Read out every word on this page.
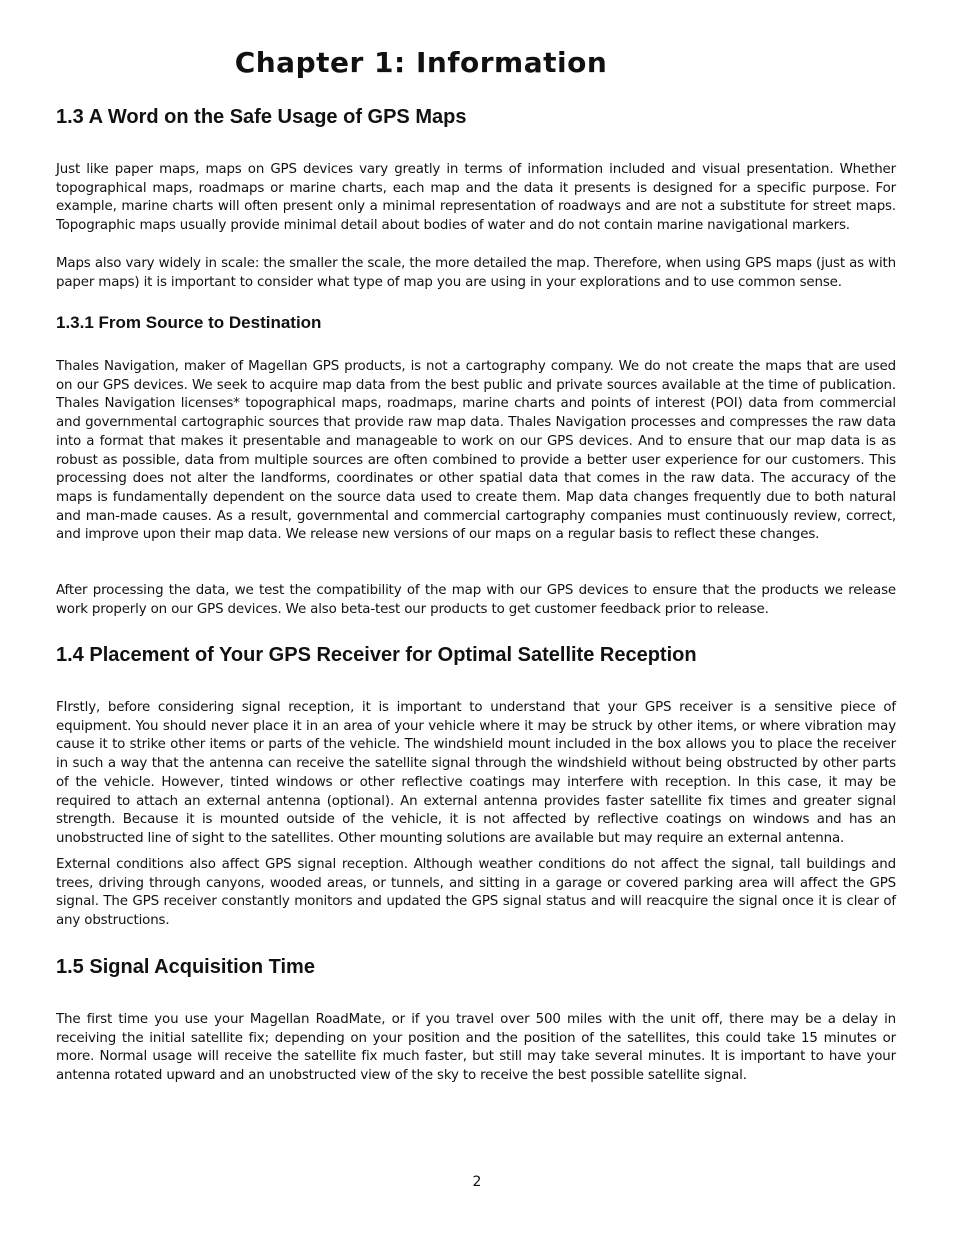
Chapter 1: Information
1.3 A Word on the Safe Usage of GPS Maps

Just like paper maps, maps on GPS devices vary greatly in terms of information included and visual presentation. Whether topographical maps, roadmaps or marine charts, each map and the data it presents is designed for a specific purpose. For example, marine charts will often present only a minimal representation of roadways and are not a substitute for street maps. Topographic maps usually provide minimal detail about bodies of water and do not contain marine navigational markers.

Maps also vary widely in scale: the smaller the scale, the more detailed the map. Therefore, when using GPS maps (just as with paper maps) it is important to consider what type of map you are using in your explorations and to use common sense.

1.3.1 From Source to Destination

Thales Navigation, maker of Magellan GPS products, is not a cartography company. We do not create the maps that are used on our GPS devices. We seek to acquire map data from the best public and private sources available at the time of publication. Thales Navigation licenses* topographical maps, roadmaps, marine charts and points of interest (POI) data from commercial and governmental cartographic sources that provide raw map data. Thales Navigation processes and compresses the raw data into a format that makes it presentable and manageable to work on our GPS devices. And to ensure that our map data is as robust as possible, data from multiple sources are often combined to provide a better user experience for our customers. This processing does not alter the landforms, coordinates or other spatial data that comes in the raw data. The accuracy of the maps is fundamentally dependent on the source data used to create them. Map data changes frequently due to both natural and man-made causes. As a result, governmental and commercial cartography companies must continuously review, correct, and improve upon their map data. We release new versions of our maps on a regular basis to reflect these changes.

After processing the data, we test the compatibility of the map with our GPS devices to ensure that the products we release work properly on our GPS devices. We also beta-test our products to get customer feedback prior to release.

1.4 Placement of Your GPS Receiver for Optimal Satellite Reception

FIrstly, before considering signal reception, it is important to understand that your GPS receiver is a sensitive piece of equipment. You should never place it in an area of your vehicle where it may be struck by other items, or where vibration may cause it to strike other items or parts of the vehicle. The windshield mount included in the box allows you to place the receiver in such a way that the antenna can receive the satellite signal through the windshield without being obstructed by other parts of the vehicle. However, tinted windows or other reflective coatings may interfere with reception. In this case, it may be required to attach an external antenna (optional). An external antenna provides faster satellite fix times and greater signal strength. Because it is mounted outside of the vehicle, it is not affected by reflective coatings on windows and has an unobstructed line of sight to the satellites. Other mounting solutions are available but may require an external antenna.

External conditions also affect GPS signal reception. Although weather conditions do not affect the signal, tall buildings and trees, driving through canyons, wooded areas, or tunnels, and sitting in a garage or covered parking area will affect the GPS signal. The GPS receiver constantly monitors and updated the GPS signal status and will reacquire the signal once it is clear of any obstructions.

1.5 Signal Acquisition Time

The first time you use your Magellan RoadMate, or if you travel over 500 miles with the unit off, there may be a delay in receiving the initial satellite fix; depending on your position and the position of the satellites, this could take 15 minutes or more. Normal usage will receive the satellite fix much faster, but still may take several minutes. It is important to have your antenna rotated upward and an unobstructed view of the sky to receive the best possible satellite signal.

2
